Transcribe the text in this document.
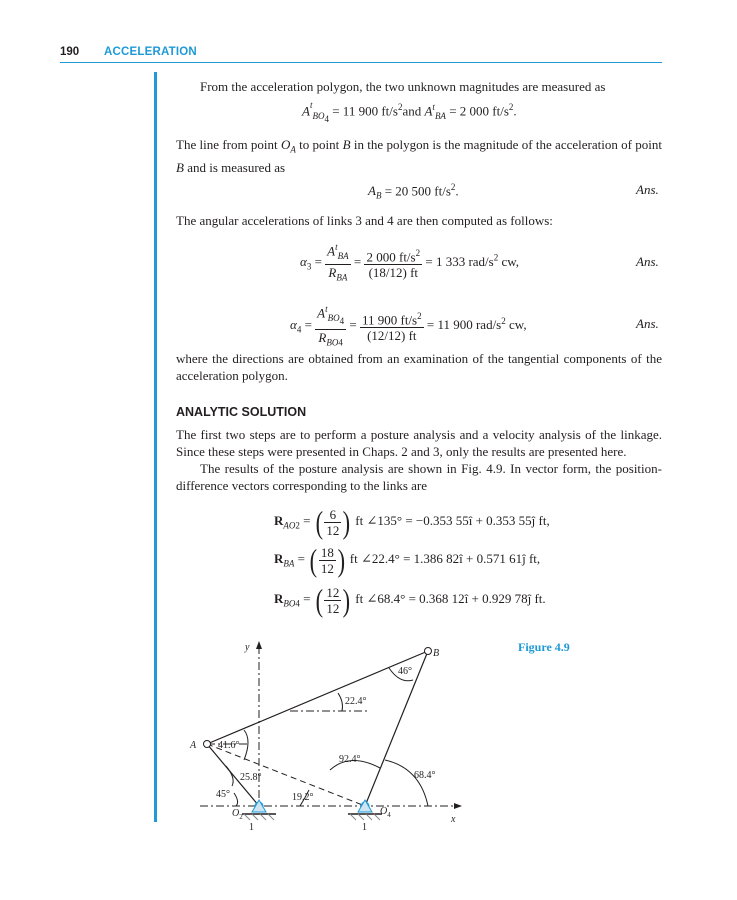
190 ACCELERATION
From the acceleration polygon, the two unknown magnitudes are measured as
$A^t_{BO_4} = 11$ 900 $ft/s^2and$ $A^t_{BA} = 2$ 000 $ft/s^2$.
The line from point $O_A$ to point B in the polygon is the magnitude of the acceleration of point B and is measured as
$A_B = 20$ 500 $ft/s^2$.	Ans.
The angular accelerations of links 3 and 4 are then computed as follows:
$\alpha_3 = \frac{A^t_{BA}}{R_{BA}} = \frac{2 000 ft/s^2}{(18/12) ft} = 1$ 333 rad/$s^2$ cw,	Ans.
$\alpha_4 = \frac{A^t_{BO_4}}{R_{BO4}} = \frac{11 900 ft/s^2}{(12/12) ft} = 11$ 900 rad/$s^2$ cw,	Ans.
where the directions are obtained from an examination of the tangential components of the acceleration polygon.
ANALYTIC SOLUTION
The first two steps are to perform a posture analysis and a velocity analysis of the linkage. Since these steps were presented in Chaps. 2 and 3, only the results are presented here.
The results of the posture analysis are shown in Fig. 4.9. In vector form, the position-difference vectors corresponding to the links are
$R_{AO2}$ = ( $\frac{6}{12}$ ) ft ∠135° = −0.353 55î + 0.353 55ĵ ft,
$R_{BA}$ = ( $\frac{18}{12}$ ) ft ∠22.4° = 1.386 82î + 0.571 61ĵ ft,
$R_{BO4}$ = ( $\frac{12}{12}$ ) ft ∠68.4° = 0.368 12î + 0.929 78ĵ ft.
Figure 4.9
y
x
A
B
$O_2$	$O_4$
1	1
41.6°
25.8°
45°	19.2°
22.4°
46°
92.4°
68.4°
